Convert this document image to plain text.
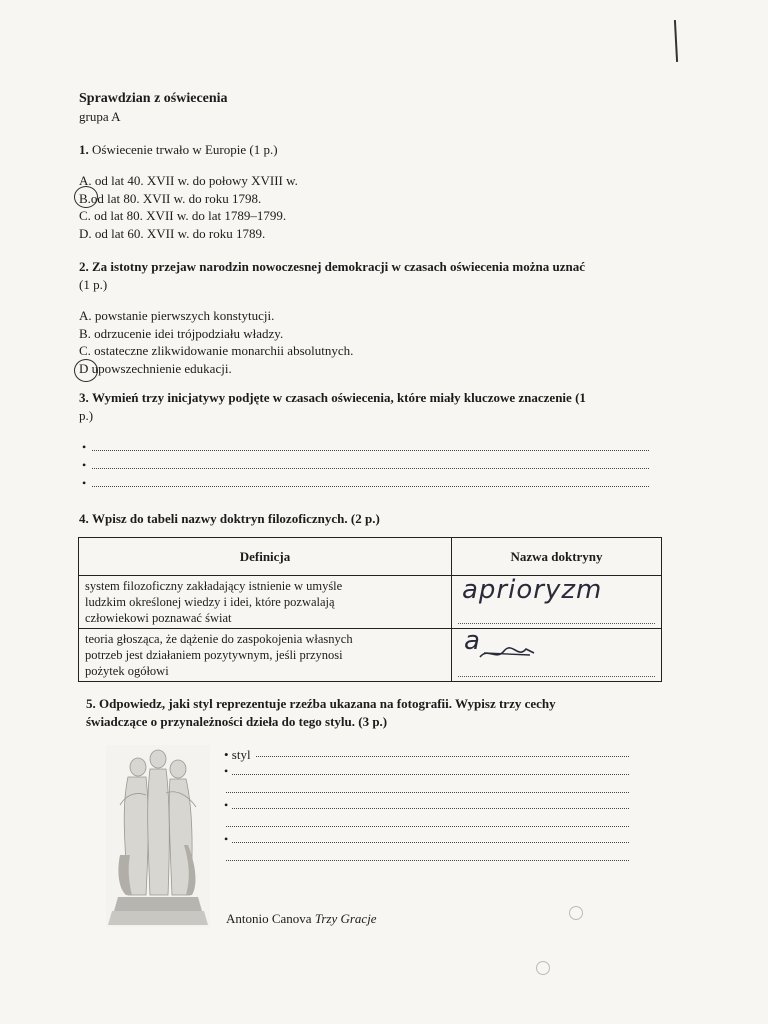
Sprawdzian z oświecenia
grupa A
1. Oświecenie trwało w Europie (1 p.)
A. od lat 40. XVII w. do połowy XVIII w.
B.od lat 80. XVII w. do roku 1798.
C. od lat 80. XVII w. do lat 1789–1799.
D. od lat 60. XVII w. do roku 1789.
2. Za istotny przejaw narodzin nowoczesnej demokracji w czasach oświecenia można uznać
(1 p.)
A. powstanie pierwszych konstytucji.
B. odrzucenie idei trójpodziału władzy.
C. ostateczne zlikwidowanie monarchii absolutnych.
D upowszechnienie edukacji.
3. Wymień trzy inicjatywy podjęte w czasach oświecenia, które miały kluczowe znaczenie (1
p.)
•
•
•
4. Wpisz do tabeli nazwy doktryn filozoficznych. (2 p.)
Definicja	Nazwa doktryny

system filozoficzny zakładający istnienie w umyśle
ludzkim określonej wiedzy i idei, które pozwalają
człowiekowi poznawać świat	aprioryzm

teoria głosząca, że dążenie do zaspokojenia własnych
potrzeb jest działaniem pozytywnym, jeśli przynosi
pożytek ogółowi	a
5. Odpowiedz, jaki styl reprezentuje rzeźba ukazana na fotografii. Wypisz trzy cechy
świadczące o przynależności dzieła do tego stylu. (3 p.)
• styl
•
•
•
Antonio Canova Trzy Gracje
